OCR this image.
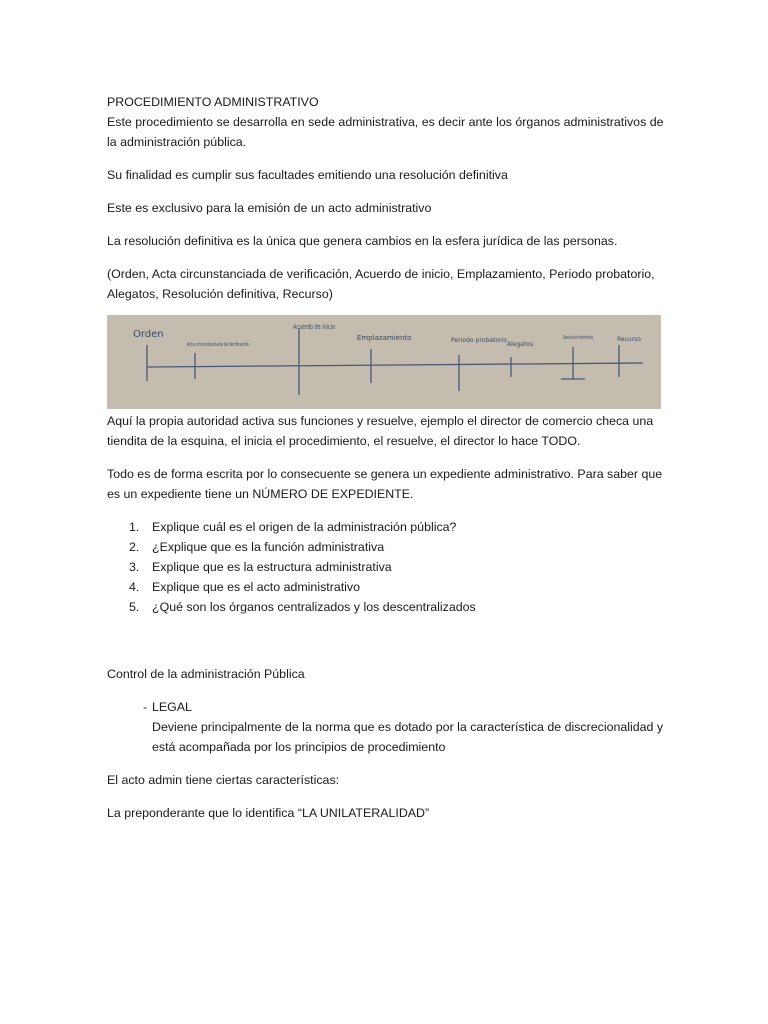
PROCEDIMIENTO ADMINISTRATIVO

Este procedimiento se desarrolla en sede administrativa, es decir ante los órganos administrativos de la administración pública.

Su finalidad es cumplir sus facultades emitiendo una resolución definitiva

Este es exclusivo para la emisión de un acto administrativo

La resolución definitiva es la única que genera cambios en la esfera jurídica de las personas.

(Orden, Acta circunstanciada de verificación, Acuerdo de inicio, Emplazamiento, Periodo probatorio, Alegatos, Resolución definitiva, Recurso)

Orden
Acta circunstanciada de Verificación
Acuerdo de inicio
Emplazamiento	Periodo probatorio
Alegatos
Resolución definitiva
Recurso

Aquí la propia autoridad activa sus funciones y resuelve, ejemplo el director de comercio checa una tiendita de la esquina, el inicia el procedimiento, el resuelve, el director lo hace TODO.

Todo es de forma escrita por lo consecuente se genera un expediente administrativo. Para saber que es un expediente tiene un NÚMERO DE EXPEDIENTE.

1. Explique cuál es el origen de la administración pública?
2. ¿Explique que es la función administrativa
3. Explique que es la estructura administrativa
4. Explique que es el acto administrativo
5. ¿Qué son los órganos centralizados y los descentralizados

Control de la administración Pública

- LEGAL
Deviene principalmente de la norma que es dotado por la característica de discrecionalidad y está acompañada por los principios de procedimiento

El acto admin tiene ciertas características:

La preponderante que lo identifica “LA UNILATERALIDAD”
